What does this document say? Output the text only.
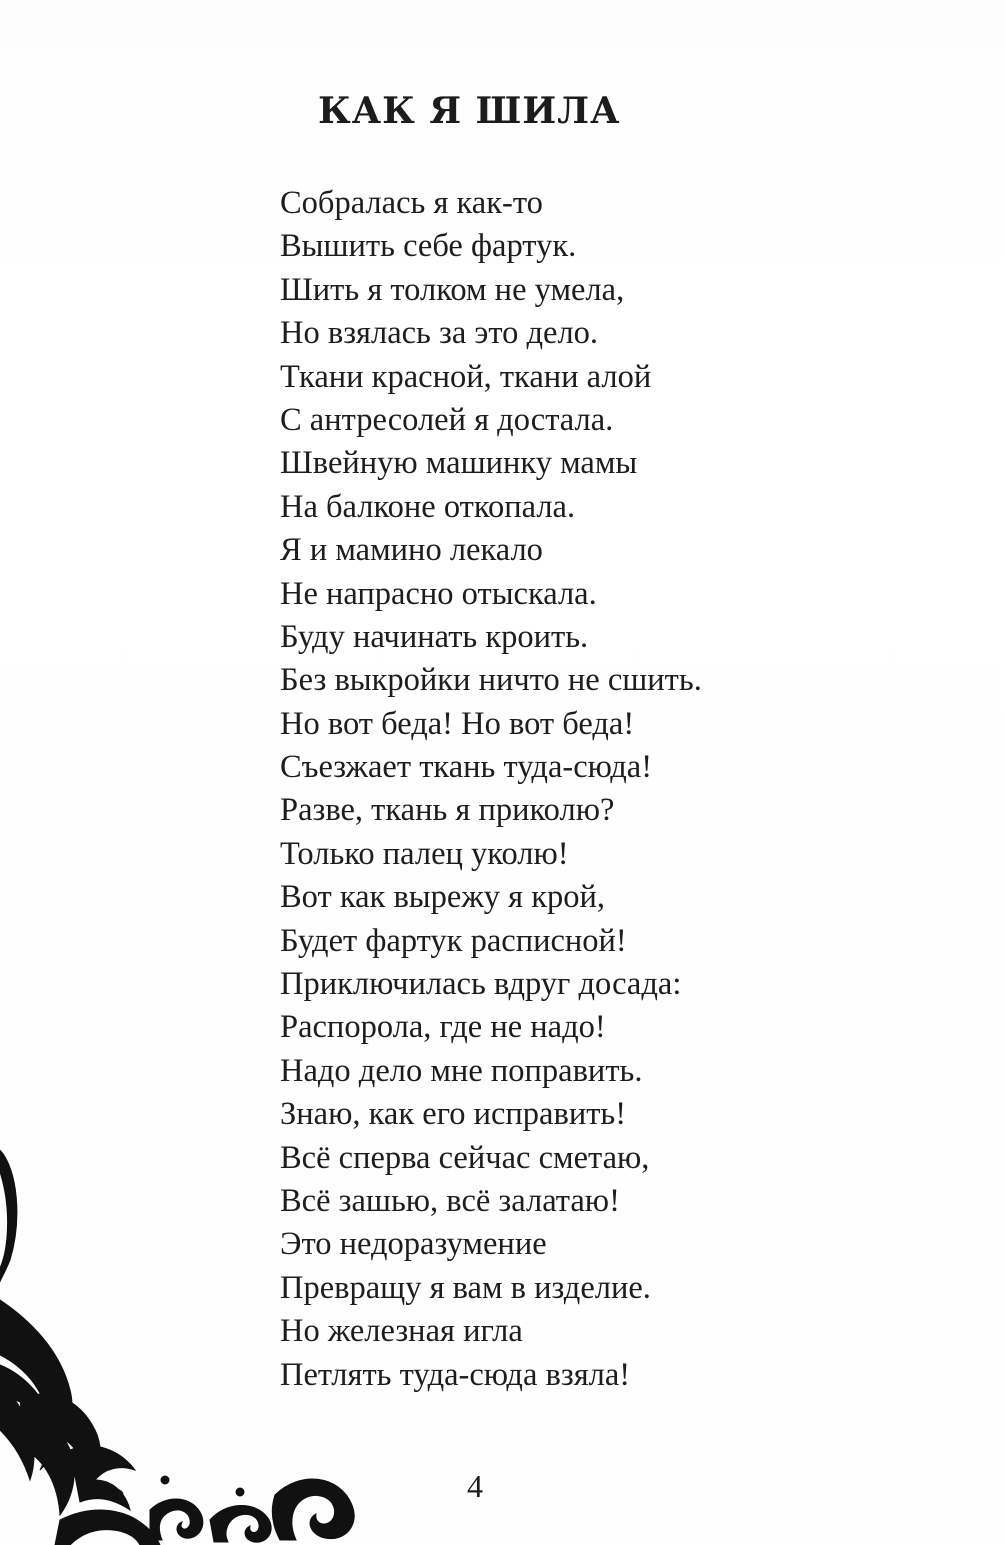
КАК Я ШИЛА
Собралась я как-то
Вышить себе фартук.
Шить я толком не умела,
Но взялась за это дело.
Ткани красной, ткани алой
С антресолей я достала.
Швейную машинку мамы
На балконе откопала.
Я и мамино лекало
Не напрасно отыскала.
Буду начинать кроить.
Без выкройки ничто не сшить.
Но вот беда! Но вот беда!
Съезжает ткань туда-сюда!
Разве, ткань я приколю?
Только палец уколю!
Вот как вырежу я крой,
Будет фартук расписной!
Приключилась вдруг досада:
Распорола, где не надо!
Надо дело мне поправить.
Знаю, как его исправить!
Всё сперва сейчас сметаю,
Всё зашью, всё залатаю!
Это недоразумение
Превращу я вам в изделие.
Но железная игла
Петлять туда-сюда взяла!
4
